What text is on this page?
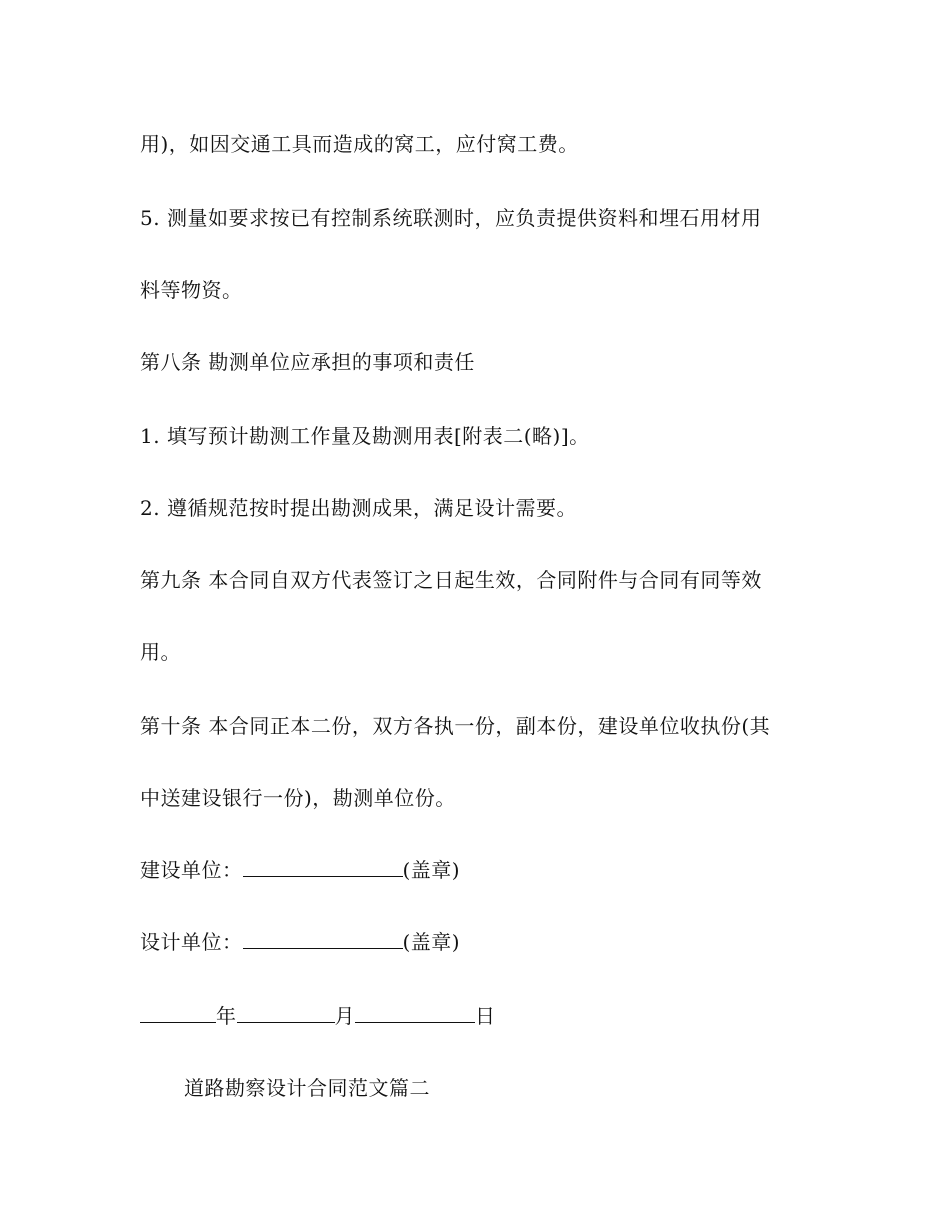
用)，如因交通工具而造成的窝工，应付窝工费。
5. 测量如要求按已有控制系统联测时，应负责提供资料和埋石用材用
料等物资。
第八条 勘测单位应承担的事项和责任
1. 填写预计勘测工作量及勘测用表[附表二(略)]。
2. 遵循规范按时提出勘测成果，满足设计需要。
第九条 本合同自双方代表签订之日起生效，合同附件与合同有同等效
用。
第十条 本合同正本二份，双方各执一份，副本份，建设单位收执份(其
中送建设银行一份)，勘测单位份。
建设单位：	(盖章)
设计单位：	(盖章)
年	月	日
道路勘察设计合同范文篇二
